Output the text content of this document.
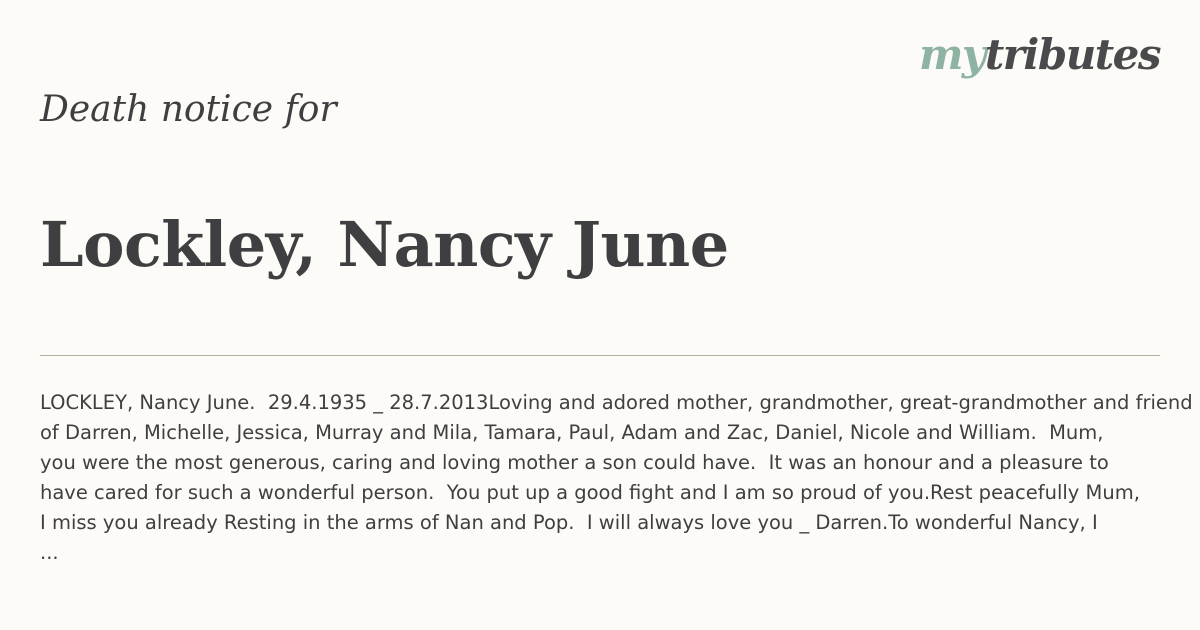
mytributes
Death notice for
Lockley, Nancy June
LOCKLEY, Nancy June.  29.4.1935 _ 28.7.2013Loving and adored mother, grandmother, great-grandmother and friend
of Darren, Michelle, Jessica, Murray and Mila, Tamara, Paul, Adam and Zac, Daniel, Nicole and William.  Mum,
you were the most generous, caring and loving mother a son could have.  It was an honour and a pleasure to
have cared for such a wonderful person.  You put up a good fight and I am so proud of you.Rest peacefully Mum,
I miss you already Resting in the arms of Nan and Pop.  I will always love you _ Darren.To wonderful Nancy, I
...
